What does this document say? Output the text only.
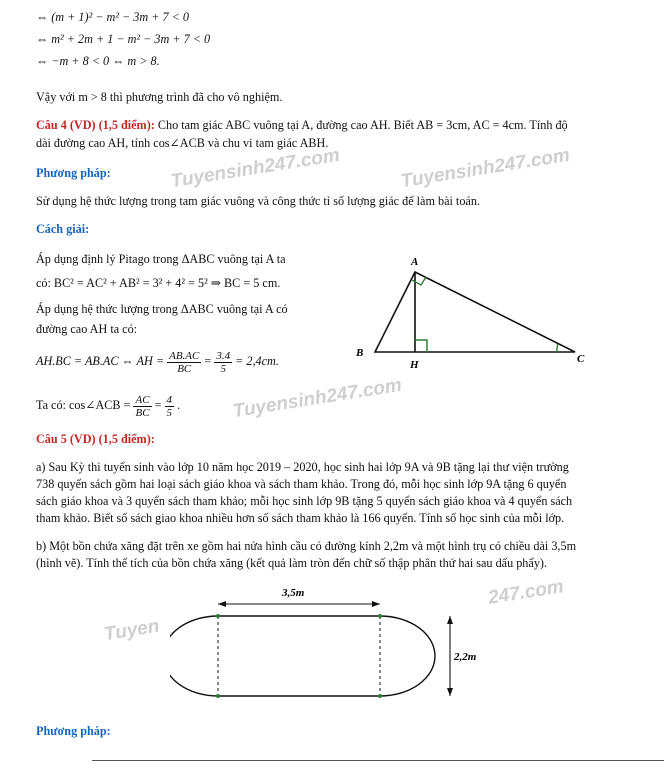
Tuyensinh247.com	Tuyensinh247.com
Tuyensinh247.com
247.com
Tuyen
⇔ (m + 1)² − m² − 3m + 7 < 0
⇔ m² + 2m + 1 − m² − 3m + 7 < 0
⇔ −m + 8 < 0 ⇔ m > 8.
Vậy với m > 8 thì phương trình đã cho vô nghiệm.
Câu 4 (VD) (1,5 điểm): Cho tam giác ABC vuông tại A, đường cao AH. Biết AB = 3cm, AC = 4cm. Tính độ
dài đường cao AH, tính cos∠ACB và chu vi tam giác ABH.
Phương pháp:
Sử dụng hệ thức lượng trong tam giác vuông và công thức tỉ số lượng giác để làm bài toán.
Cách giải:
Áp dụng định lý Pitago trong ΔABC vuông tại A ta
có: BC² = AC² + AB² = 3² + 4² = 5² ⇒ BC = 5 cm.
Áp dụng hệ thức lượng trong ΔABC vuông tại A có
đường cao AH ta có:
AH.BC = AB.AC ⇔ AH = $\frac{AB.AC}{BC} = \frac{3.4}{5} = 2,4cm$.
Ta có: cos∠ACB = $\frac{AC}{BC} = \frac{4}{5}$ .
A
B	C
H
Câu 5 (VD) (1,5 điểm):
a) Sau Kỳ thi tuyển sinh vào lớp 10 năm học 2019 – 2020, học sinh hai lớp 9A và 9B tặng lại thư viện trường
738 quyển sách gồm hai loại sách giáo khoa và sách tham khảo. Trong đó, mỗi học sinh lớp 9A tặng 6 quyển
sách giáo khoa và 3 quyển sách tham khảo; mỗi học sinh lớp 9B tặng 5 quyển sách giáo khoa và 4 quyển sách
tham khảo. Biết số sách giao khoa nhiều hơn số sách tham khảo là 166 quyển. Tính số học sinh của mỗi lớp.
b) Một bồn chứa xăng đặt trên xe gồm hai nửa hình cầu có đường kính 2,2m và một hình trụ có chiều dài 3,5m
(hình vẽ). Tính thể tích của bồn chứa xăng (kết quả làm tròn đến chữ số thập phân thứ hai sau dấu phẩy).
3,5m
2,2m
Phương pháp:
